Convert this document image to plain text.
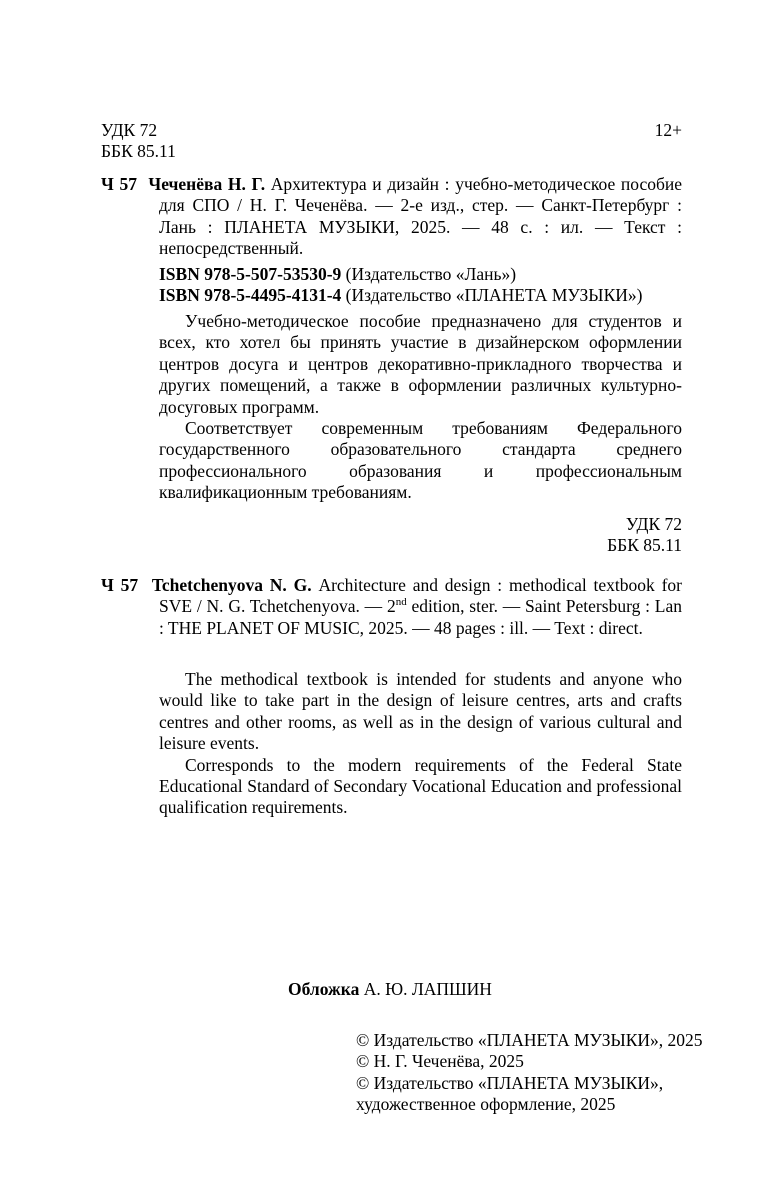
УДК 72	12+
ББК 85.11
Ч 57 Чеченёва Н. Г. Архитектура и дизайн : учебно-методическое пособие для СПО / Н. Г. Чеченёва. — 2-е изд., стер. — Санкт-Петербург : Лань : ПЛАНЕТА МУЗЫКИ, 2025. — 48 с. : ил. — Текст : непосредственный.
ISBN 978-5-507-53530-9 (Издательство «Лань»)
ISBN 978-5-4495-4131-4 (Издательство «ПЛАНЕТА МУЗЫКИ»)

Учебно-методическое пособие предназначено для студентов и всех, кто хотел бы принять участие в дизайнерском оформлении центров досуга и центров декоративно-прикладного творчества и других помещений, а также в оформлении различных культурно-досуговых программ.

Соответствует современным требованиям Федерального государственного образовательного стандарта среднего профессионального образования и профессиональным квалификационным требованиям.

УДК 72
ББК 85.11
Ч 57 Tchetchenyova N. G. Architecture and design : methodical textbook for SVE / N. G. Tchetchenyova. — 2nd edition, ster. — Saint Petersburg : Lan : THE PLANET OF MUSIC, 2025. — 48 pages : ill. — Text : direct.

The methodical textbook is intended for students and anyone who would like to take part in the design of leisure centres, arts and crafts centres and other rooms, as well as in the design of various cultural and leisure events.

Corresponds to the modern requirements of the Federal State Educational Standard of Secondary Vocational Education and professional qualification requirements.

Обложка А. Ю. ЛАПШИН
© Издательство «ПЛАНЕТА МУЗЫКИ», 2025
© Н. Г. Чеченёва, 2025
© Издательство «ПЛАНЕТА МУЗЫКИ»,
художественное оформление, 2025
